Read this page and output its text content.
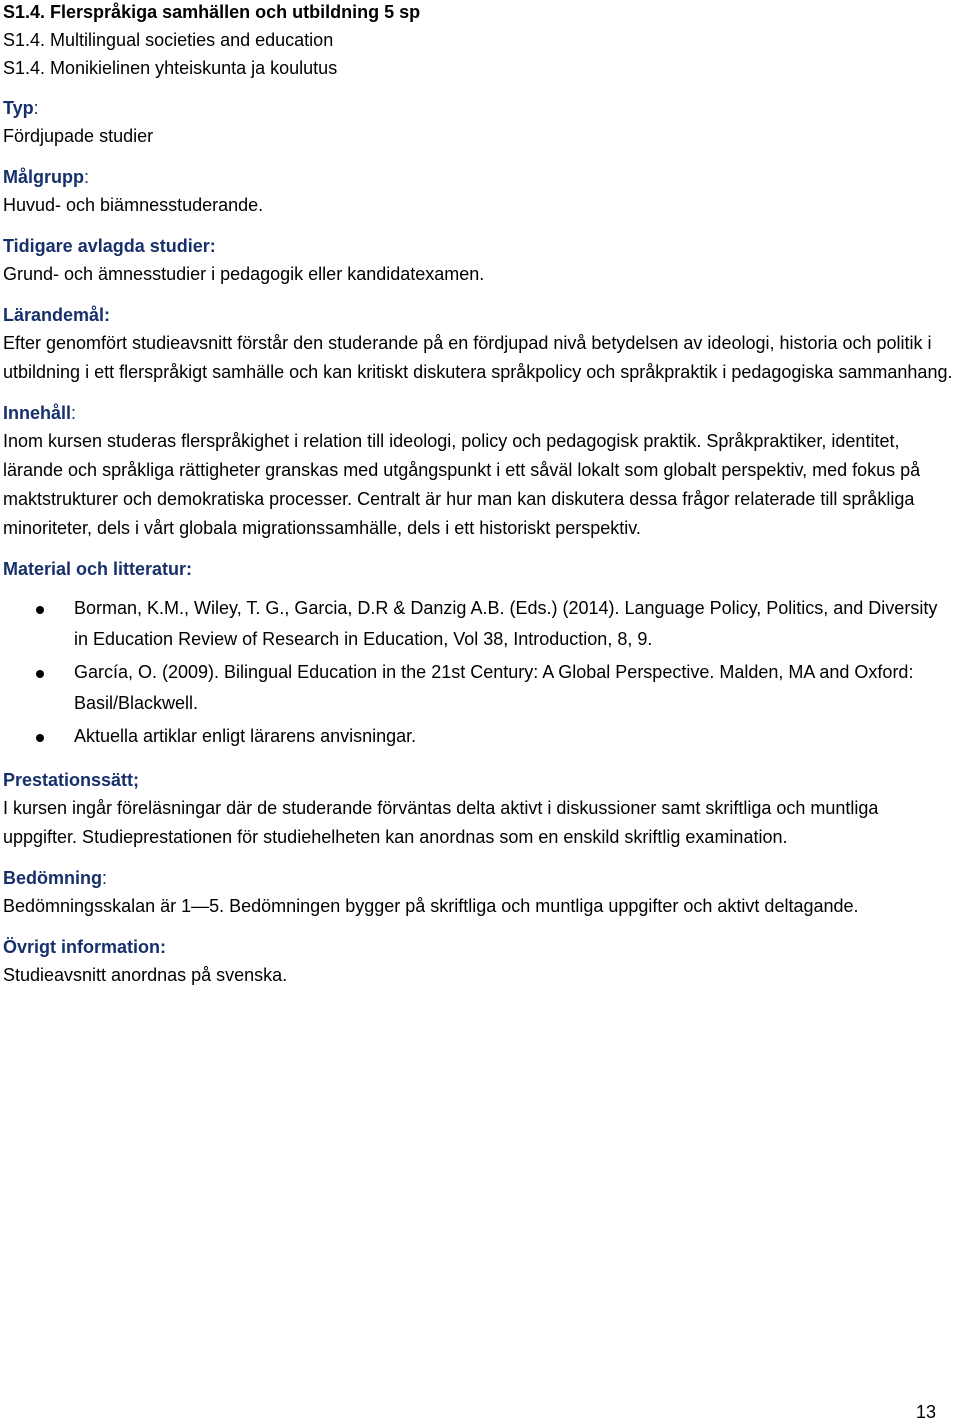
S1.4. Flerspråkiga samhällen och utbildning 5 sp

S1.4. Multilingual societies and education

S1.4. Monikielinen yhteiskunta ja koulutus

Typ:

Fördjupade studier

Målgrupp:

Huvud- och biämnesstuderande.

Tidigare avlagda studier:

Grund- och ämnesstudier i pedagogik eller kandidatexamen.

Lärandemål:

Efter genomfört studieavsnitt förstår den studerande på en fördjupad nivå betydelsen av ideologi, historia och politik i utbildning i ett flerspråkigt samhälle och kan kritiskt diskutera språkpolicy och språkpraktik i pedagogiska sammanhang.

Innehåll:

Inom kursen studeras flerspråkighet i relation till ideologi, policy och pedagogisk praktik. Språkpraktiker, identitet, lärande och språkliga rättigheter granskas med utgångspunkt i ett såväl lokalt som globalt perspektiv, med fokus på maktstrukturer och demokratiska processer. Centralt är hur man kan diskutera dessa frågor relaterade till språkliga minoriteter, dels i vårt globala migrationssamhälle, dels i ett historiskt perspektiv.

Material och litteratur:

Borman, K.M., Wiley, T. G., Garcia, D.R & Danzig A.B. (Eds.) (2014). Language Policy, Politics, and Diversity in Education Review of Research in Education, Vol 38, Introduction, 8, 9.
García, O. (2009). Bilingual Education in the 21st Century: A Global Perspective. Malden, MA and Oxford: Basil/Blackwell.
Aktuella artiklar enligt lärarens anvisningar.

Prestationssätt;

I kursen ingår föreläsningar där de studerande förväntas delta aktivt i diskussioner samt skriftliga och muntliga uppgifter. Studieprestationen för studiehelheten kan anordnas som en enskild skriftlig examination.

Bedömning:

Bedömningsskalan är 1—5. Bedömningen bygger på skriftliga och muntliga uppgifter och aktivt deltagande.

Övrigt information:

Studieavsnitt anordnas på svenska.

13
